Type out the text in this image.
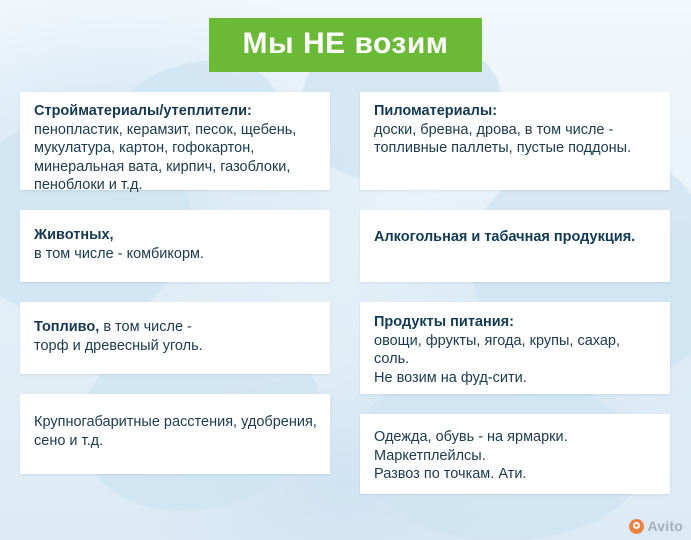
Мы НЕ возим

Стройматериалы/утеплители:

пенопластик, керамзит, песок, щебень, мукулатура, картон, гофокартон, минеральная вата, кирпич, газоблоки, пеноблоки и т.д.

Животных,

в том числе - комбикорм.

Топливо, в том числе -

торф и древесный уголь.

Крупногабаритные расстения, удобрения, сено и т.д.

Пиломатериалы:

доски, бревна, дрова, в том числе - топливные паллеты, пустые поддоны.

Алкогольная и табачная продукция.

Продукты питания:

овощи, фрукты, ягода, крупы, сахар, соль.

Не возим на фуд-сити.

Одежда, обувь - на ярмарки.

Маркетплейлсы.

Развоз по точкам. Ати.

Avito
